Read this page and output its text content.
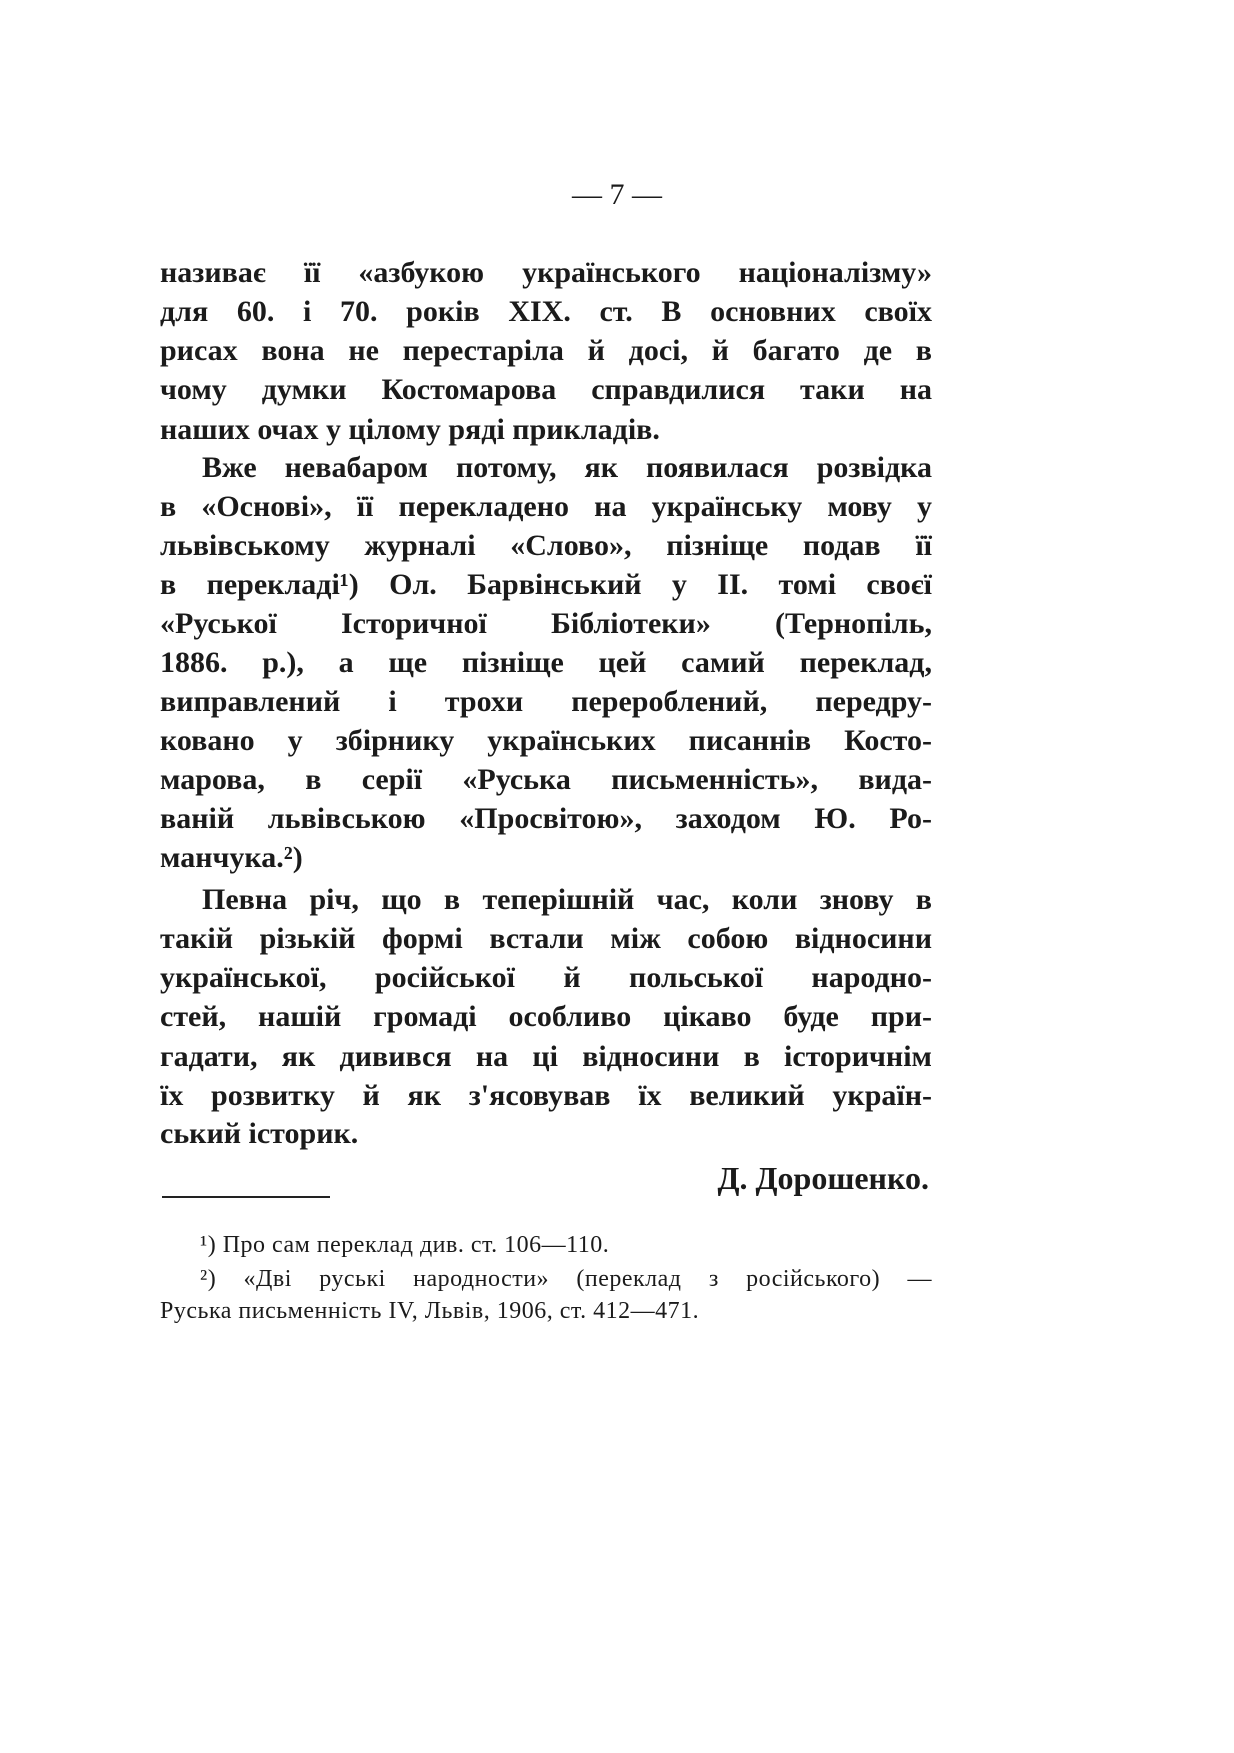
— 7 —
називає її «азбукою українського націоналізму»
для 60. і 70. років XIX. ст. В основних своїх
рисах вона не перестаріла й досі, й багато де в
чому думки Костомарова справдилися таки на
наших очах у цілому ряді прикладів.
Вже невабаром потому, як появилася розвідка
в «Основі», її перекладено на українську мову у
львівському журналі «Слово», пізніще подав її
в перекладі¹) Ол. Барвінський у II. томі своєї
«Руської Історичної Бібліотеки» (Тернопіль,
1886. р.), а ще пізніще цей самий переклад,
виправлений і трохи перероблений, передру-
ковано у збірнику українських писаннів Косто-
марова, в серії «Руська письменність», вида-
ваній львівською «Просвітою», заходом Ю. Ро-
манчука.²)
Певна річ, що в теперішній час, коли знову в
такій різькій формі встали між собою відносини
української, російської й польської народно-
стей, нашій громаді особливо цікаво буде при-
гадати, як дивився на ці відносини в історичнім
їх розвитку й як з'ясовував їх великий україн-
ський історик.
Д. Дорошенко.
¹) Про сам переклад див. ст. 106—110.
²) «Дві руські народности» (переклад з російського) —
Руська письменність IV, Львів, 1906, ст. 412—471.
